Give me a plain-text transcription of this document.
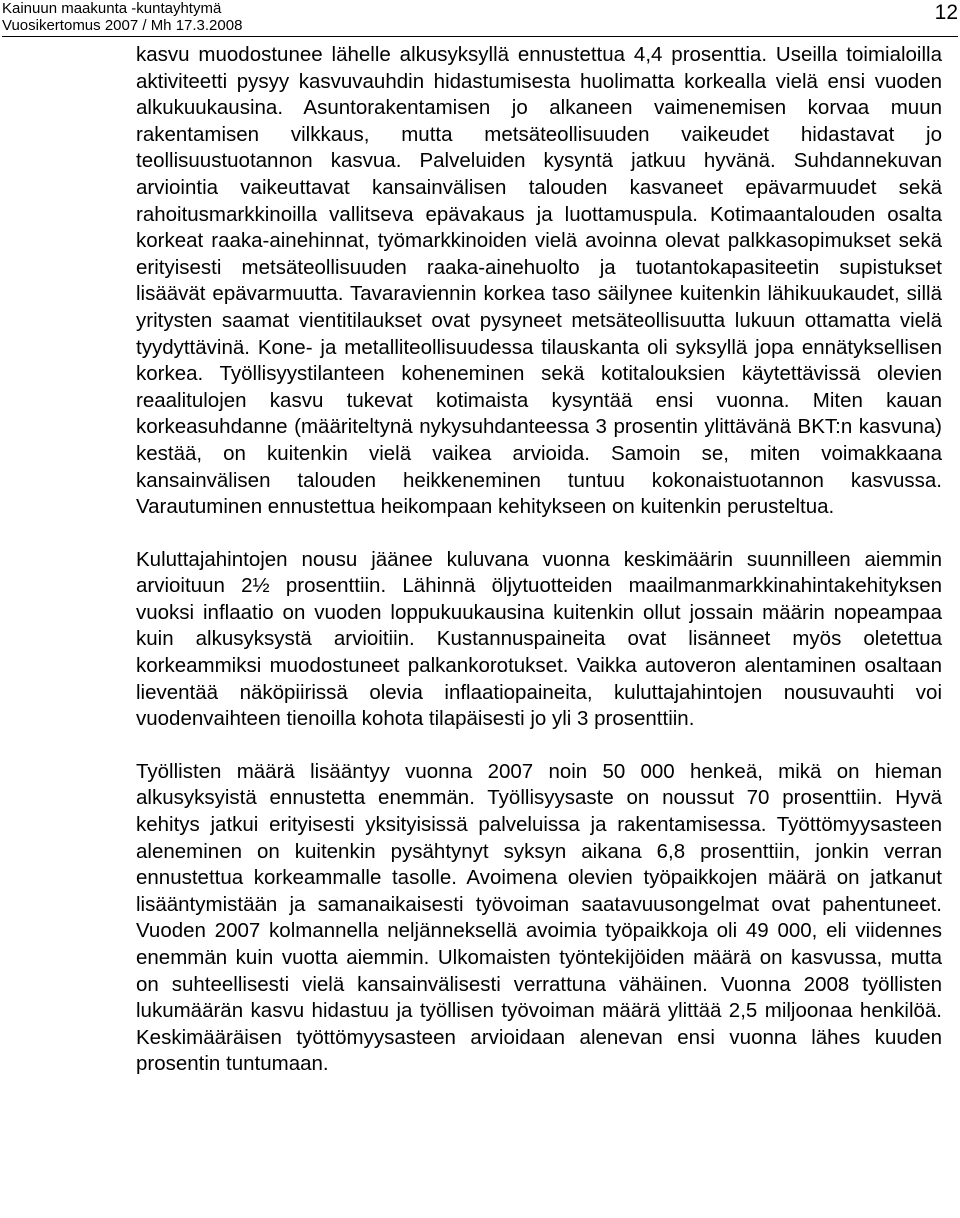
Kainuun maakunta -kuntayhtymä
Vuosikertomus 2007 / Mh 17.3.2008
12

kasvu muodostunee lähelle alkusyksyllä ennustettua 4,4 prosenttia. Useilla toimialoilla aktiviteetti pysyy kasvuvauhdin hidastumisesta huolimatta korkealla vielä ensi vuoden alkukuukausina. Asuntorakentamisen jo alkaneen vaimenemisen korvaa muun rakentamisen vilkkaus, mutta metsäteollisuuden vaikeudet hidastavat jo teollisuustuotannon kasvua. Palveluiden kysyntä jatkuu hyvänä. Suhdannekuvan arviointia vaikeuttavat kansainvälisen talouden kasvaneet epävarmuudet sekä rahoitusmarkkinoilla vallitseva epävakaus ja luottamuspula. Kotimaantalouden osalta korkeat raaka-ainehinnat, työmarkkinoiden vielä avoinna olevat palkkasopimukset sekä erityisesti metsäteollisuuden raaka-ainehuolto ja tuotantokapasiteetin supistukset lisäävät epävarmuutta. Tavaraviennin korkea taso säilynee kuitenkin lähikuukaudet, sillä yritysten saamat vientitilaukset ovat pysyneet metsäteollisuutta lukuun ottamatta vielä tyydyttävinä. Kone- ja metalliteollisuudessa tilauskanta oli syksyllä jopa ennätyksellisen korkea. Työllisyystilanteen koheneminen sekä kotitalouksien käytettävissä olevien reaalitulojen kasvu tukevat kotimaista kysyntää ensi vuonna. Miten kauan korkeasuhdanne (määriteltynä nykysuhdanteessa 3 prosentin ylittävänä BKT:n kasvuna) kestää, on kuitenkin vielä vaikea arvioida. Samoin se, miten voimakkaana kansainvälisen talouden heikkeneminen tuntuu kokonaistuotannon kasvussa. Varautuminen ennustettua heikompaan kehitykseen on kuitenkin perusteltua.

Kuluttajahintojen nousu jäänee kuluvana vuonna keskimäärin suunnilleen aiemmin arvioituun 2½ prosenttiin. Lähinnä öljytuotteiden maailmanmarkkinahintakehityksen vuoksi inflaatio on vuoden loppukuukausina kuitenkin ollut jossain määrin nopeampaa kuin alkusyksystä arvioitiin. Kustannuspaineita ovat lisänneet myös oletettua korkeammiksi muodostuneet palkankorotukset. Vaikka autoveron alentaminen osaltaan lieventää näköpiirissä olevia inflaatiopaineita, kuluttajahintojen nousuvauhti voi vuodenvaihteen tienoilla kohota tilapäisesti jo yli 3 prosenttiin.

Työllisten määrä lisääntyy vuonna 2007 noin 50 000 henkeä, mikä on hieman alkusyksyistä ennustetta enemmän. Työllisyysaste on noussut 70 prosenttiin. Hyvä kehitys jatkui erityisesti yksityisissä palveluissa ja rakentamisessa. Työttömyysasteen aleneminen on kuitenkin pysähtynyt syksyn aikana 6,8 prosenttiin, jonkin verran ennustettua korkeammalle tasolle. Avoimena olevien työpaikkojen määrä on jatkanut lisääntymistään ja samanaikaisesti työvoiman saatavuusongelmat ovat pahentuneet. Vuoden 2007 kolmannella neljänneksellä avoimia työpaikkoja oli 49 000, eli viidennes enemmän kuin vuotta aiemmin. Ulkomaisten työntekijöiden määrä on kasvussa, mutta on suhteellisesti vielä kansainvälisesti verrattuna vähäinen. Vuonna 2008 työllisten lukumäärän kasvu hidastuu ja työllisen työvoiman määrä ylittää 2,5 miljoonaa henkilöä. Keskimääräisen työttömyysasteen arvioidaan alenevan ensi vuonna lähes kuuden prosentin tuntumaan.
